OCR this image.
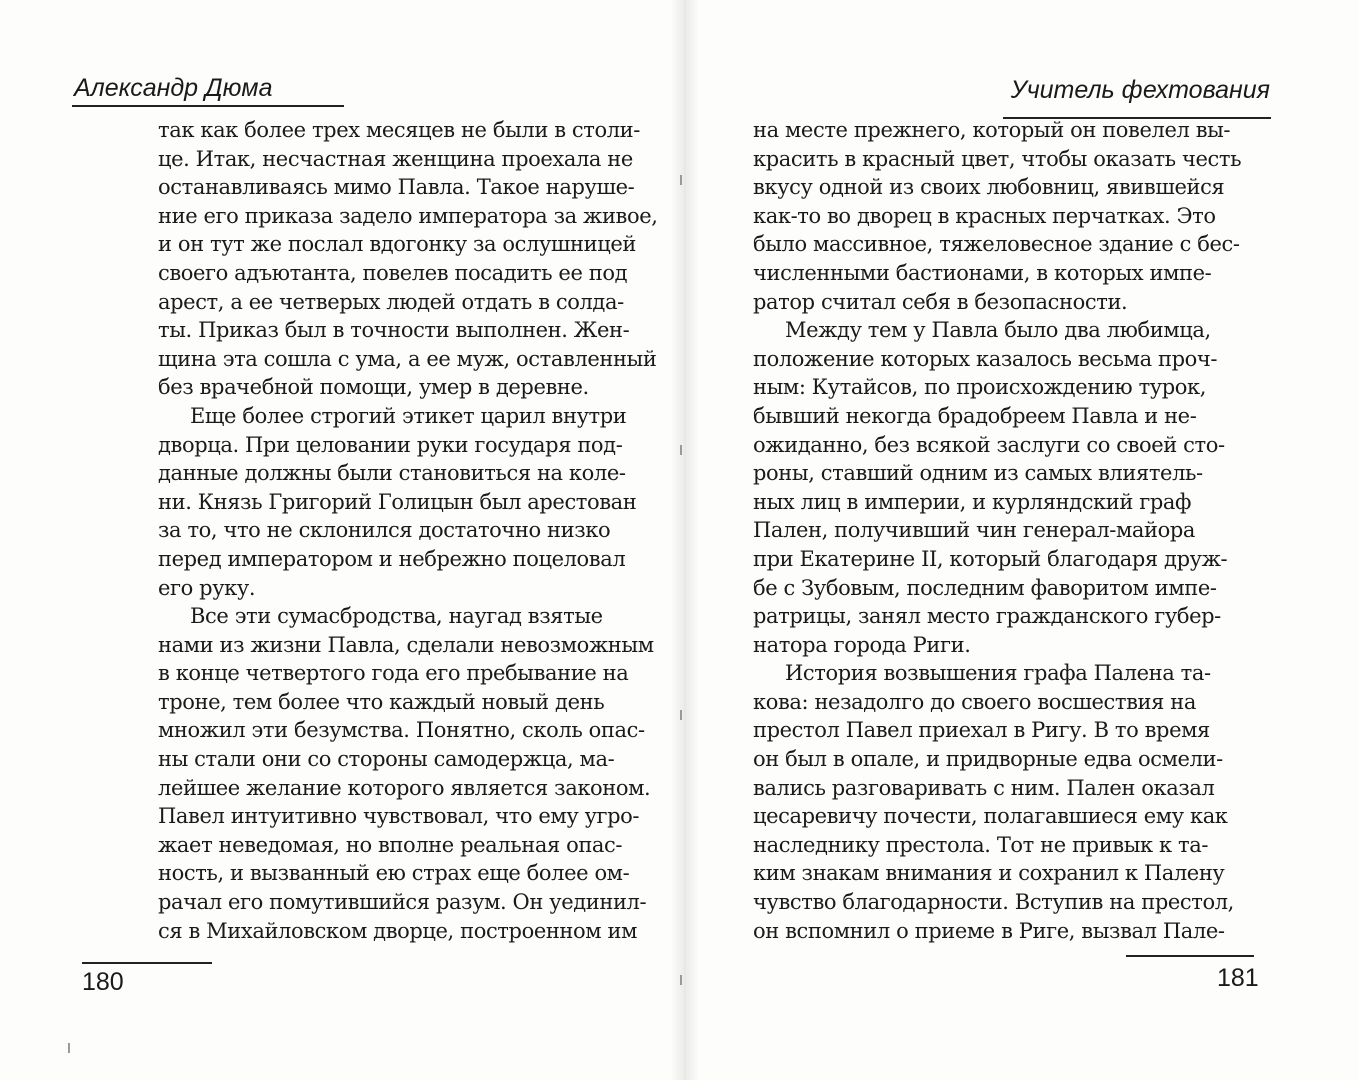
Александр Дюма
так как более трех месяцев не были в столи-
це. Итак, несчастная женщина проехала не
останавливаясь мимо Павла. Такое наруше-
ние его приказа задело императора за живое,
и он тут же послал вдогонку за ослушницей
своего адъютанта, повелев посадить ее под
арест, а ее четверых людей отдать в солда-
ты. Приказ был в точности выполнен. Жен-
щина эта сошла с ума, а ее муж, оставленный
без врачебной помощи, умер в деревне.
Еще более строгий этикет царил внутри
дворца. При целовании руки государя под-
данные должны были становиться на коле-
ни. Князь Григорий Голицын был арестован
за то, что не склонился достаточно низко
перед императором и небрежно поцеловал
его руку.
Все эти сумасбродства, наугад взятые
нами из жизни Павла, сделали невозможным
в конце четвертого года его пребывание на
троне, тем более что каждый новый день
множил эти безумства. Понятно, сколь опас-
ны стали они со стороны самодержца, ма-
лейшее желание которого является законом.
Павел интуитивно чувствовал, что ему угро-
жает неведомая, но вполне реальная опас-
ность, и вызванный ею страх еще более ом-
рачал его помутившийся разум. Он уединил-
ся в Михайловском дворце, построенном им
180
Учитель фехтования
на месте прежнего, который он повелел вы-
красить в красный цвет, чтобы оказать честь
вкусу одной из своих любовниц, явившейся
как-то во дворец в красных перчатках. Это
было массивное, тяжеловесное здание с бес-
численными бастионами, в которых импе-
ратор считал себя в безопасности.
Между тем у Павла было два любимца,
положение которых казалось весьма проч-
ным: Кутайсов, по происхождению турок,
бывший некогда брадобреем Павла и не-
ожиданно, без всякой заслуги со своей сто-
роны, ставший одним из самых влиятель-
ных лиц в империи, и курляндский граф
Пален, получивший чин генерал-майора
при Екатерине II, который благодаря друж-
бе с Зубовым, последним фаворитом импе-
ратрицы, занял место гражданского губер-
натора города Риги.
История возвышения графа Палена та-
кова: незадолго до своего восшествия на
престол Павел приехал в Ригу. В то время
он был в опале, и придворные едва осмели-
вались разговаривать с ним. Пален оказал
цесаревичу почести, полагавшиеся ему как
наследнику престола. Тот не привык к та-
ким знакам внимания и сохранил к Палену
чувство благодарности. Вступив на престол,
он вспомнил о приеме в Риге, вызвал Пале-
181
